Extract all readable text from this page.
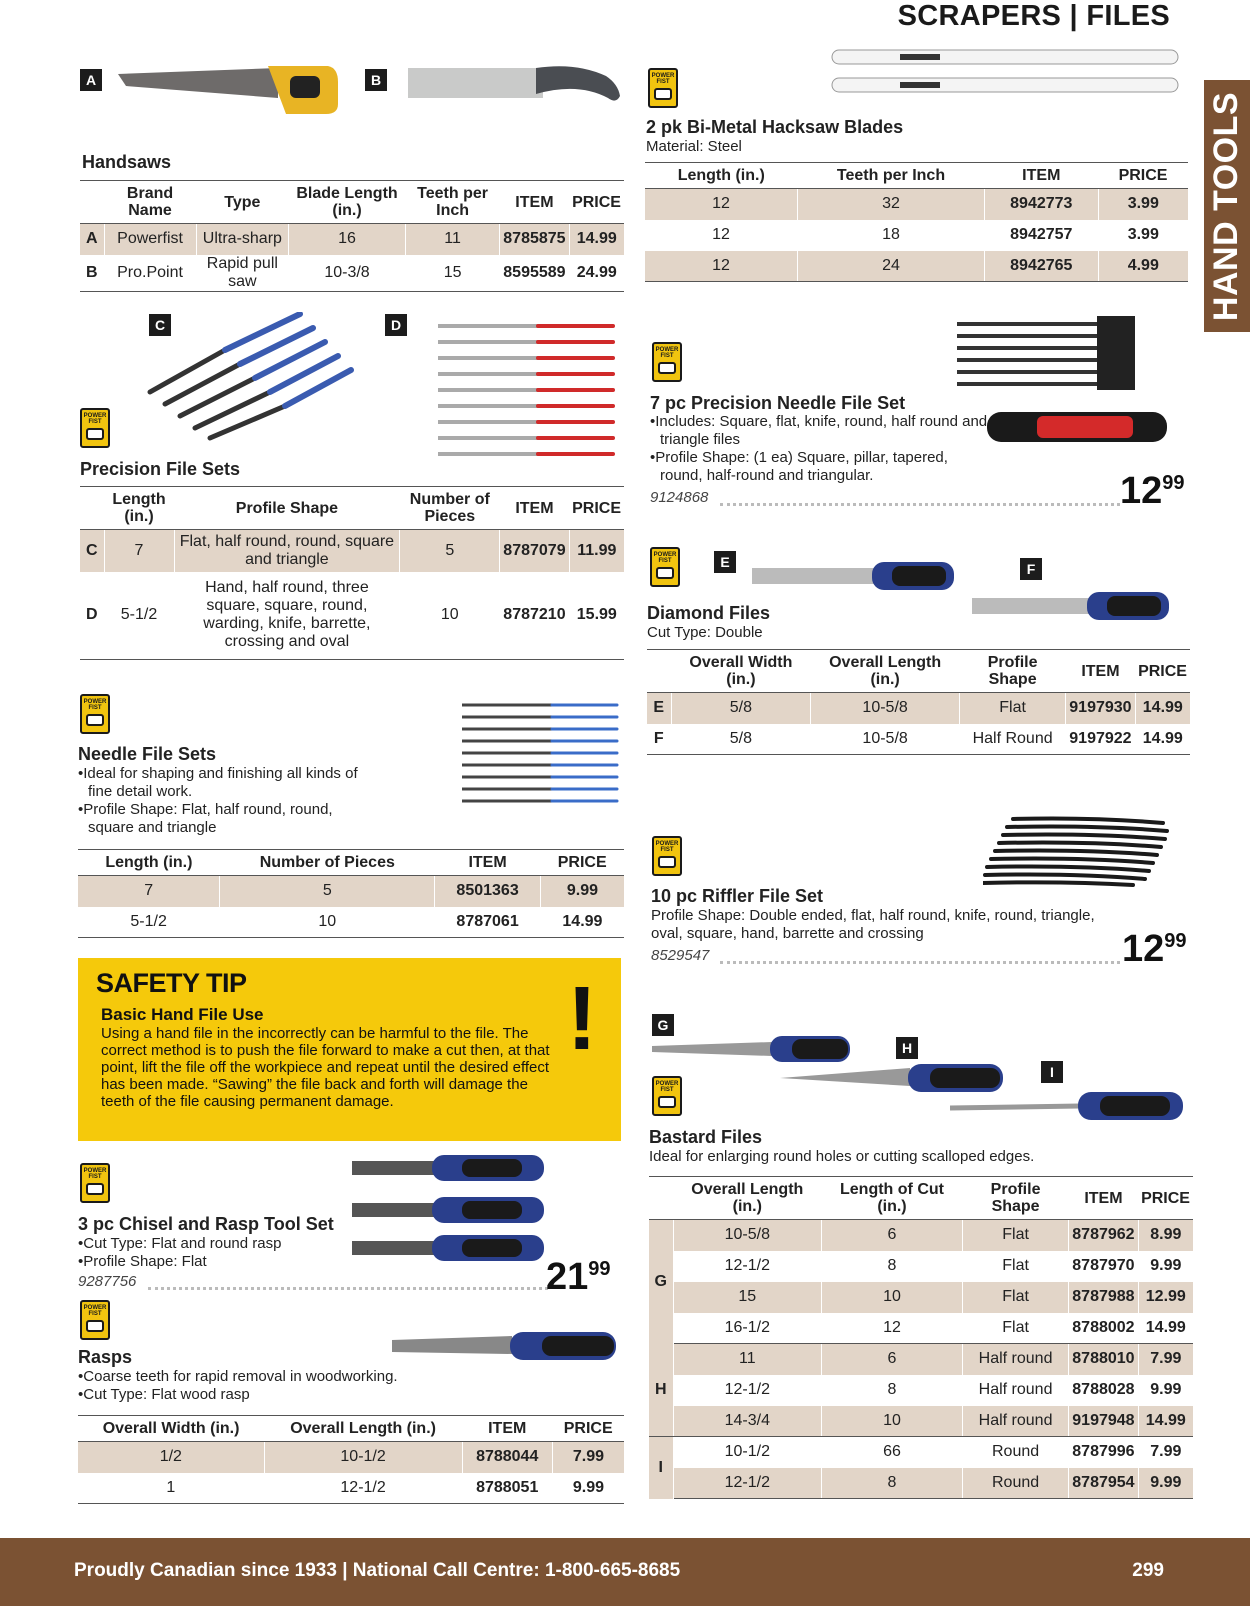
SCRAPERS | FILES
HAND TOOLS
A	B
Handsaws
	Brand Name	Type	Blade Length (in.)	Teeth per Inch	ITEM	PRICE
A	Powerfist	Ultra-sharp	16	11	8785875	14.99
B	Pro.Point	Rapid pull saw	10-3/8	15	8595589	24.99
C	D
POWER FIST
Precision File Sets
	Length (in.)	Profile Shape	Number of Pieces	ITEM	PRICE
C	7	Flat, half round, round, square and triangle	5	8787079	11.99
D	5-1/2	Hand, half round, three square, square, round, warding, knife, barrette, crossing and oval	10	8787210	15.99
POWER FIST
Needle File Sets
•Ideal for shaping and finishing all kinds of fine detail work.
•Profile Shape: Flat, half round, round, square and triangle
Length (in.)	Number of Pieces	ITEM	PRICE
7	5	8501363	9.99
5-1/2	10	8787061	14.99
SAFETY TIP
Basic Hand File Use

Using a hand file in the incorrectly can be harmful to the file. The correct method is to push the file forward to make a cut then, at that point, lift the file off the workpiece and repeat until the desired effect has been made. “Sawing” the file back and forth will damage the teeth of the file causing permanent damage.

!
POWER FIST
3 pc Chisel and Rasp Tool Set
•Cut Type: Flat and round rasp
•Profile Shape: Flat
9287756	$21^{99}$
POWER FIST
Rasps
•Coarse teeth for rapid removal in woodworking.
•Cut Type: Flat wood rasp
Overall Width (in.)	Overall Length (in.)	ITEM	PRICE
1/2	10-1/2	8788044	7.99
1	12-1/2	8788051	9.99
POWER FIST
2 pk Bi-Metal Hacksaw Blades
Material: Steel
Length (in.)	Teeth per Inch	ITEM	PRICE
12	32	8942773	3.99
12	18	8942757	3.99
12	24	8942765	4.99
POWER FIST
7 pc Precision Needle File Set
•Includes: Square, flat, knife, round, half round and triangle files
•Profile Shape: (1 ea) Square, pillar, tapered, round, half-round and triangular.
9124868	$12^{99}$
POWER FIST	E	F
Diamond Files
Cut Type: Double
	Overall Width (in.)	Overall Length (in.)	Profile Shape	ITEM	PRICE
E	5/8	10-5/8	Flat	9197930	14.99
F	5/8	10-5/8	Half Round	9197922	14.99
POWER FIST
10 pc Riffler File Set
Profile Shape: Double ended, flat, half round, knife, round, triangle, oval, square, hand, barrette and crossing
8529547	$12^{99}$
G
H
I
POWER FIST
Bastard Files
Ideal for enlarging round holes or cutting scalloped edges.
	Overall Length (in.)	Length of Cut (in.)	Profile Shape	ITEM	PRICE
G	10-5/8	6	Flat	8787962	8.99
	12-1/2	8	Flat	8787970	9.99
	15	10	Flat	8787988	12.99
	16-1/2	12	Flat	8788002	14.99
H	11	6	Half round	8788010	7.99
	12-1/2	8	Half round	8788028	9.99
	14-3/4	10	Half round	9197948	14.99
I	10-1/2	66	Round	8787996	7.99
	12-1/2	8	Round	8787954	9.99
Proudly Canadian since 1933 | National Call Centre: 1-800-665-8685	299
